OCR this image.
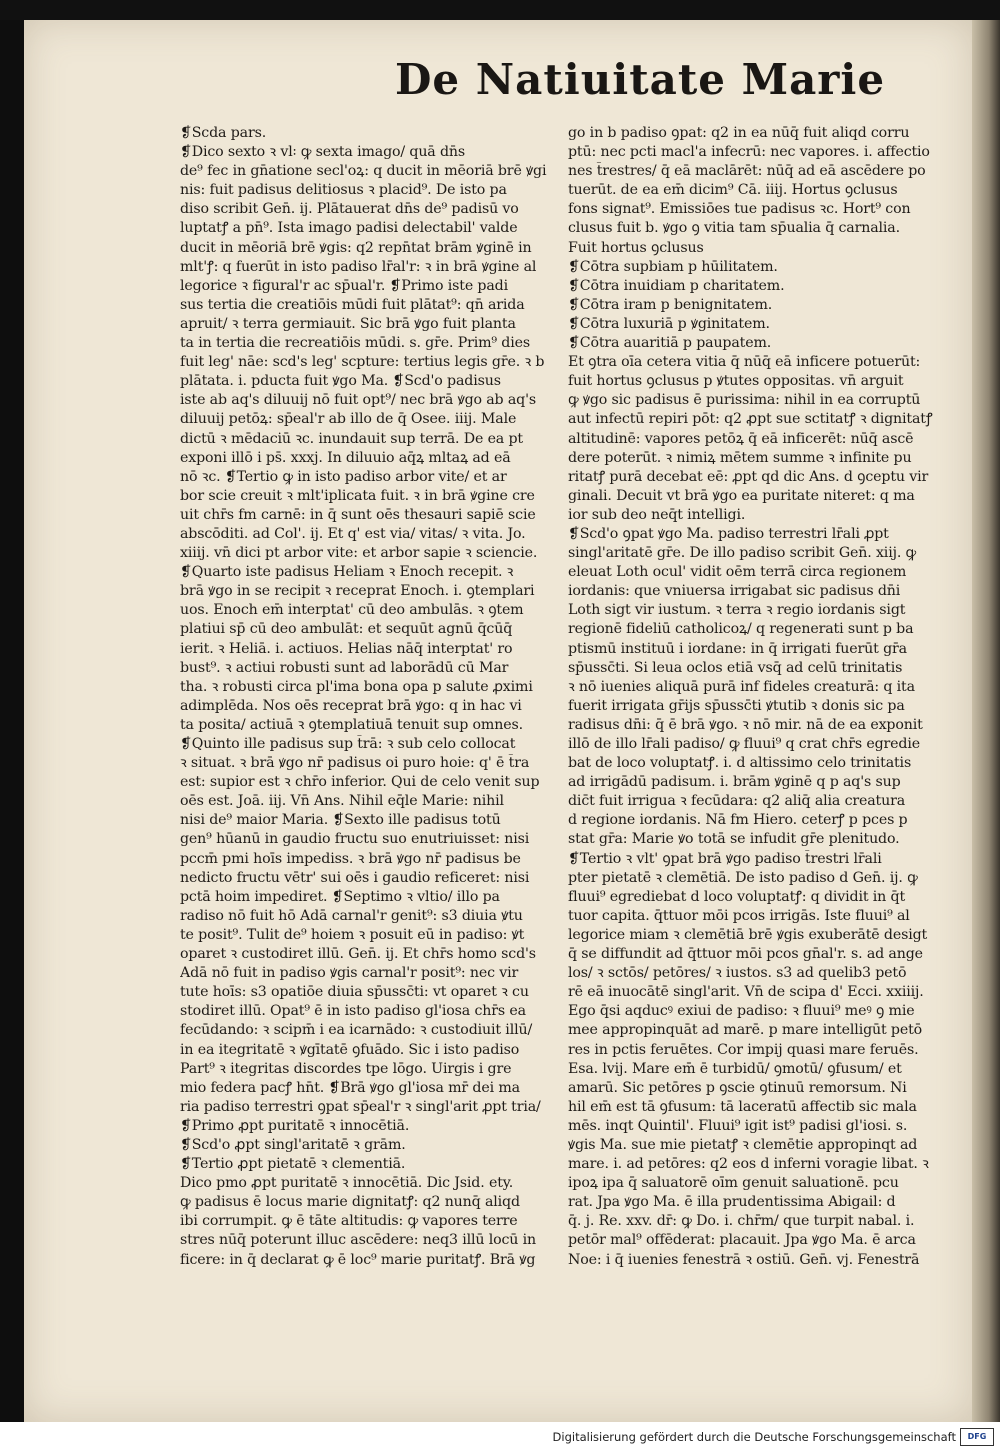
De Natiuitate Marie
❡Scda pars.
❡Dico sexto ꝛ vl꞉ ꝙ sexta imago/ quā dn̄s
de⁹ fec in gn̄atione secl'oꝝ: q ducit in mēoriā brē ꝟgi
nis: fuit padisus delitiosus ꝛ placid⁹. De isto pa
diso scribit Gen̄. ij. Plātauerat dn̄s de⁹ padisū vo
luptatꝭ a pn̄⁹. Ista imago padisi delectabil' valde
ducit in mēoriā brē ꝟgis: q2 repn̄tat brām ꝟginē in
mlt'ꝭ: q fuerūt in isto padiso lr̄al'r: ꝛ in brā ꝟgine al
legorice ꝛ figural'r ac sp̄ual'r. ❡Primo iste padi
sus tertia die creatiōis mūdi fuit plātat⁹: qn̄ arida
apruit/ ꝛ terra germiauit. Sic brā ꝟgo fuit planta
ta in tertia die recreatiōis mūdi. s. gr̄e. Prim⁹ dies
fuit leg' nāe: scd's leg' scpture: tertius legis gr̄e. ꝛ b
plātata. i. pducta fuit ꝟgo Ma. ❡Scd'o padisus
iste ab aq's diluuij nō fuit opt⁹/ nec brā ꝟgo ab aq's
diluuij petōꝝ: sp̄eal'r ab illo de q̄ Osee. iiij. Male
dictū ꝛ mēdaciū ꝛc. inundauit sup terrā. De ea pt
exponi illō i ps̄. xxxj. In diluuio aq̄ꝝ mltaꝝ ad eā
nō ꝛc. ❡Tertio ꝙ in isto padiso arbor vite/ et ar
bor scie creuit ꝛ mlt'iplicata fuit. ꝛ in brā ꝟgine cre
uit chr̄s fm carnē: in q̄ sunt oēs thesauri sapiē scie
abscōditi. ad Col'. ij. Et q' est via/ vitas/ ꝛ vita. Jo.
xiiij. vn̄ dici pt arbor vite: et arbor sapie ꝛ sciencie.
❡Quarto iste padisus Heliam ꝛ Enoch recepit. ꝛ
brā ꝟgo in se recipit ꝛ receprat Enoch. i. ꝯtemplari
uos. Enoch em̄ interptat' cū deo ambulās. ꝛ ꝯtem
platiui sp̄ cū deo ambulāt: et sequūt agnū q̄cūq̄
ierit. ꝛ Heliā. i. actiuos. Helias nāq̄ interptat' ro
bust⁹. ꝛ actiui robusti sunt ad laborādū cū Mar
tha. ꝛ robusti circa pl'ima bona opa p salute ꝓximi
adimplēda. Nos oēs receprat brā ꝟgo: q in hac vi
ta posita/ actiuā ꝛ ꝯtemplatiuā tenuit sup omnes.
❡Quinto ille padisus sup t̄rā: ꝛ sub celo collocat
ꝛ situat. ꝛ brā ꝟgo nr̄ padisus oi puro hoie: q' ē t̄ra
est: supior est ꝛ chr̄o inferior. Qui de celo venit sup
oēs est. Joā. iij. Vn̄ Ans. Nihil eq̄le Marie: nihil
nisi de⁹ maior Maria. ❡Sexto ille padisus totū
gen⁹ hūanū in gaudio fructu suo enutriuisset: nisi
pccm̄ pmi hoīs impediss. ꝛ brā ꝟgo nr̄ padisus be
nedicto fructu vētr' sui oēs i gaudio reficeret: nisi
pctā hoim impediret. ❡Septimo ꝛ vltio/ illo pa
radiso nō fuit hō Adā carnal'r genit⁹: s3 diuia ꝟtu
te posit⁹. Tulit de⁹ hoiem ꝛ posuit eū in padiso: ꝟt
oparet ꝛ custodiret illū. Gen̄. ij. Et chr̄s homo scd's
Adā nō fuit in padiso ꝟgis carnal'r posit⁹: nec vir
tute hoīs: s3 opatiōe diuia sp̄ussc̄ti: vt oparet ꝛ cu
stodiret illū. Opat⁹ ē in isto padiso gl'iosa chr̄s ea
fecūdando: ꝛ scipm̄ i ea icarnādo: ꝛ custodiuit illū/
in ea itegritatē ꝛ ꝟgītatē ꝯfuādo. Sic i isto padiso
Part⁹ ꝛ itegritas discordes tpe lōgo. Uirgis i gre
mio federa pacꝭ hn̄t. ❡Brā ꝟgo gl'iosa mr̄ dei ma
ria padiso terrestri ꝯpat sp̄eal'r ꝛ singl'arit ꝓpt tria/
❡Primo ꝓpt puritatē ꝛ innocētiā.
❡Scd'o ꝓpt singl'aritatē ꝛ grām.
❡Tertio ꝓpt pietatē ꝛ clementiā.
Dico pmo ꝓpt puritatē ꝛ innocētiā. Dic Jsid. ety.
ꝙ padisus ē locus marie dignitatꝭ: q2 nunq̄ aliqd
ibi corrumpit. ꝙ ē tāte altitudis: ꝙ vapores terre
stres nūq̄ poterunt illuc ascēdere: neq3 illū locū in
ficere: in q̄ declarat ꝙ ē loc⁹ marie puritatꝭ. Brā ꝟg
go in b padiso ꝯpat: q2 in ea nūq̄ fuit aliqd corru
ptū: nec pcti macl'a infecrū: nec vapores. i. affectio
nes t̄restres/ q̄ eā maclārēt: nūq̄ ad eā ascēdere po
tuerūt. de ea em̄ dicim⁹ Cā. iiij. Hortus ꝯclusus
fons signat⁹. Emissiōes tue padisus ꝛc. Hort⁹ con
clusus fuit b. ꝟgo ꝯ vitia tam sp̄ualia q̄ carnalia.
Fuit hortus ꝯclusus
❡Cōtra supbiam p hūilitatem.
❡Cōtra inuidiam p charitatem.
❡Cōtra iram p benignitatem.
❡Cōtra luxuriā p ꝟginitatem.
❡Cōtra auaritiā p paupatem.
Et ꝯtra oīa cetera vitia q̄ nūq̄ eā inficere potuerūt:
fuit hortus ꝯclusus p ꝟtutes oppositas. vn̄ arguit
ꝙ ꝟgo sic padisus ē purissima: nihil in ea corruptū
aut infectū repiri pōt: q2 ꝓpt sue sctitatꝭ ꝛ dignitatꝭ
altitudinē: vapores petōꝝ q̄ eā inficerēt: nūq̄ ascē
dere poterūt. ꝛ nimiꝝ mētem summe ꝛ infinite pu
ritatꝭ purā decebat eē: ꝓpt qd dic Ans. d ꝯceptu vir
ginali. Decuit vt brā ꝟgo ea puritate niteret: q ma
ior sub deo neq̄t intelligi.
❡Scd'o ꝯpat ꝟgo Ma. padiso terrestri lr̄ali ꝓpt
singl'aritatē gr̄e. De illo padiso scribit Gen̄. xiij. ꝙ
eleuat Loth ocul' vidit oēm terrā circa regionem
iordanis: que vniuersa irrigabat sic padisus dn̄i
Loth sigt vir iustum. ꝛ terra ꝛ regio iordanis sigt
regionē fideliū catholicoꝝ/ q regenerati sunt p ba
ptismū instituū i iordane: in q̄ irrigati fuerūt gr̄a
sp̄ussc̄ti. Si leua oclos etiā vsq̄ ad celū trinitatis
ꝛ nō iuenies aliquā purā inf fideles creaturā: q ita
fuerit irrigata gr̄ijs sp̄ussc̄ti ꝟtutib ꝛ donis sic pa
radisus dn̄i: q̄ ē brā ꝟgo. ꝛ nō mir. nā de ea exponit
illō de illo lr̄ali padiso/ ꝙ fluui⁹ q crat chr̄s egredie
bat de loco voluptatꝭ. i. d altissimo celo trinitatis
ad irrigādū padisum. i. brām ꝟginē q p aq's sup
dic̄t fuit irrigua ꝛ fecūdara: q2 aliq̄ alia creatura
d regione iordanis. Nā fm Hiero. ceterꝭ p pces p
stat gr̄a: Marie ꝟo totā se infudit gr̄e plenitudo.
❡Tertio ꝛ vlt' ꝯpat brā ꝟgo padiso t̄restri lr̄ali
pter pietatē ꝛ clemētiā. De isto padiso d Gen̄. ij. ꝙ
fluui⁹ egrediebat d loco voluptatꝭ: q dividit in q̄t
tuor capita. q̄ttuor mōi pcos irrigās. Iste fluui⁹ al
legorice miam ꝛ clemētiā brē ꝟgis exuberātē desigt
q̄ se diffundit ad q̄ttuor mōi pcos gn̄al'r. s. ad ange
los/ ꝛ sctōs/ petōres/ ꝛ iustos. s3 ad quelib3 petō
rē eā inuocātē singl'arit. Vn̄ de scipa d' Ecci. xxiiij.
Ego q̄si aqducꝰ exiui de padiso: ꝛ fluui⁹ meꝰ ꝯ mie
mee appropinquāt ad marē. p mare intelligūt petō
res in pctis feruētes. Cor impij quasi mare feruēs.
Esa. lvij. Mare em̄ ē turbidū/ ꝯmotū/ ꝯfusum/ et
amarū. Sic petōres p ꝯscie ꝯtinuū remorsum. Ni
hil em̄ est tā ꝯfusum: tā laceratū affectib sic mala
mēs. inqt Quintil'. Fluui⁹ igit ist⁹ padisi gl'iosi. s.
ꝟgis Ma. sue mie pietatꝭ ꝛ clemētie appropinqt ad
mare. i. ad petōres: q2 eos d inferni voragie libat. ꝛ
ipoꝝ ipa q̄ saluatorē oīm genuit saluationē. pcu
rat. Jpa ꝟgo Ma. ē illa prudentissima Abigail: d
q̄. j. Re. xxv. dr̄: ꝙ Do. i. chr̄m/ que turpit nabal. i.
petōr mal⁹ offēderat: placauit. Jpa ꝟgo Ma. ē arca
Noe: i q̄ iuenies fenestrā ꝛ ostiū. Gen̄. vj. Fenestrā
Digitalisierung gefördert durch die Deutsche Forschungsgemeinschaft	DFG
